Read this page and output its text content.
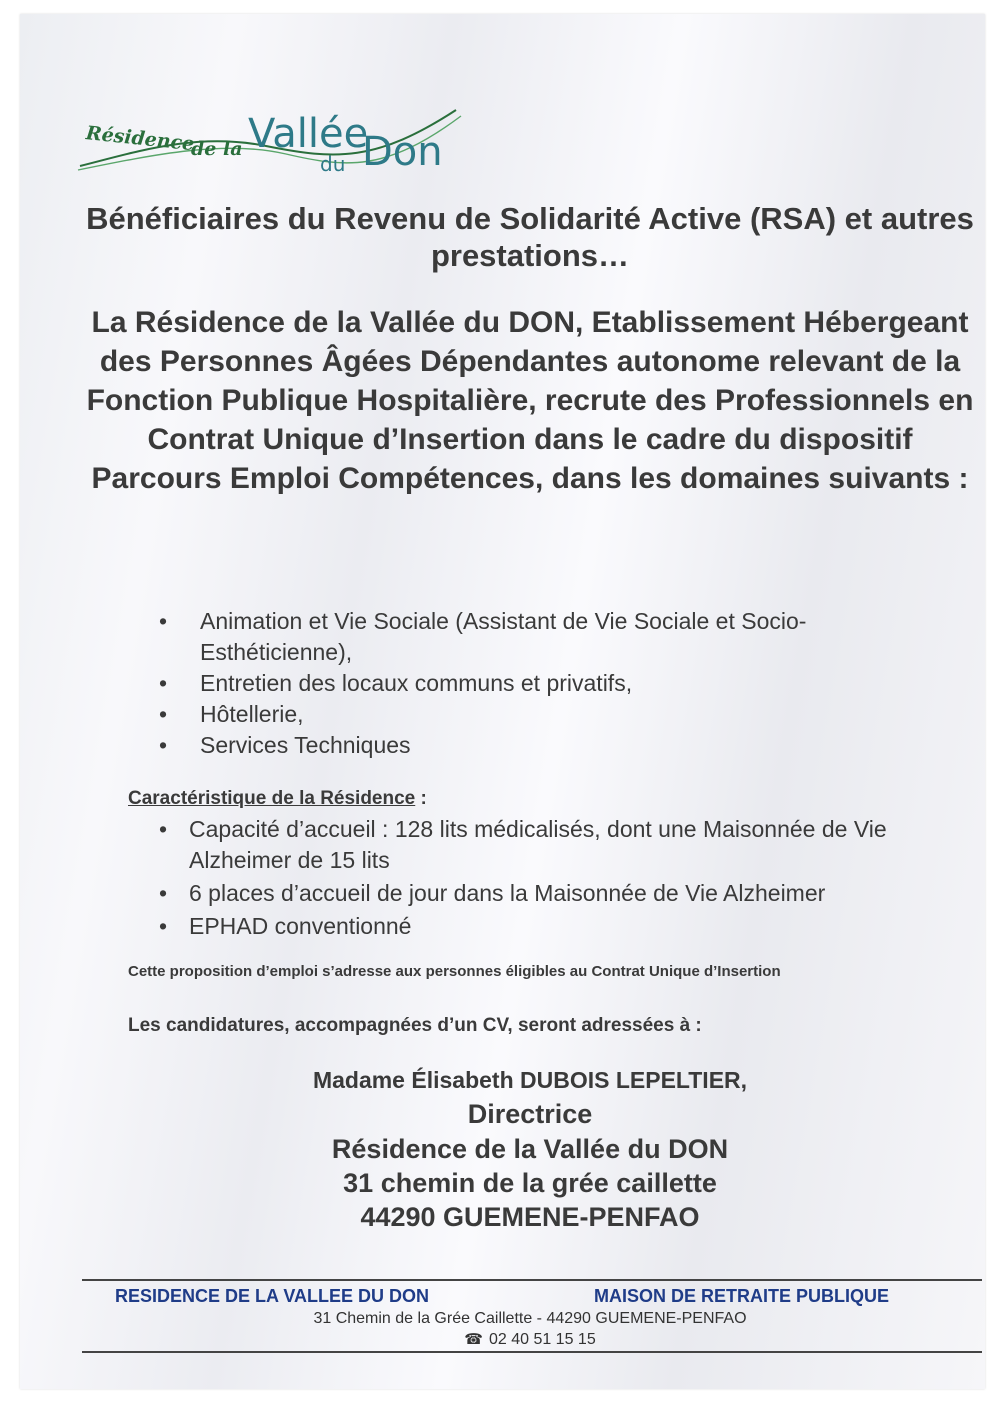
Résidence
de la Vallée
du Don
Bénéficiaires du Revenu de Solidarité Active (RSA) et autres prestations…

La Résidence de la Vallée du DON, Etablissement Hébergeant des Personnes Âgées Dépendantes autonome relevant de la Fonction Publique Hospitalière, recrute des Professionnels en Contrat Unique d’Insertion dans le cadre du dispositif Parcours Emploi Compétences, dans les domaines suivants :

• Animation et Vie Sociale (Assistant de Vie Sociale et Socio-Esthéticienne),
• Entretien des locaux communs et privatifs,
• Hôtellerie,
• Services Techniques
Caractéristique de la Résidence :
• Capacité d’accueil : 128 lits médicalisés, dont une Maisonnée de Vie Alzheimer de 15 lits
• 6 places d’accueil de jour dans la Maisonnée de Vie Alzheimer
• EPHAD conventionné
Cette proposition d’emploi s’adresse aux personnes éligibles au Contrat Unique d’Insertion
Les candidatures, accompagnées d’un CV, seront adressées à :

Madame Élisabeth DUBOIS LEPELTIER,

Directrice

Résidence de la Vallée du DON

31 chemin de la grée caillette

44290 GUEMENE-PENFAO

RESIDENCE DE LA VALLEE DU DON	MAISON DE RETRAITE PUBLIQUE
31 Chemin de la Grée Caillette - 44290 GUEMENE-PENFAO
☎ 02 40 51 15 15
